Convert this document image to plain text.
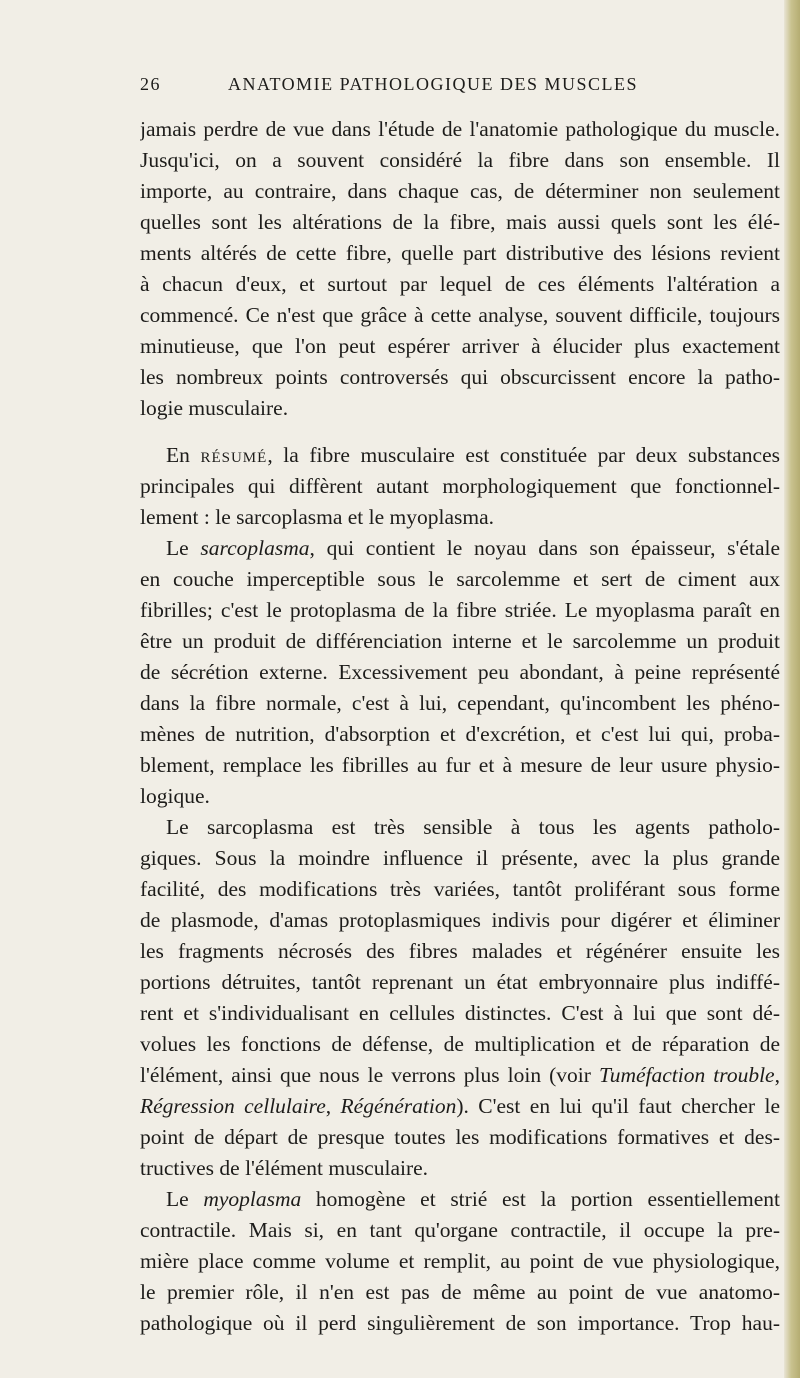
26	ANATOMIE PATHOLOGIQUE DES MUSCLES
jamais perdre de vue dans l'étude de l'anatomie pathologique du muscle.
Jusqu'ici, on a souvent considéré la fibre dans son ensemble. Il
importe, au contraire, dans chaque cas, de déterminer non seulement
quelles sont les altérations de la fibre, mais aussi quels sont les élé-
ments altérés de cette fibre, quelle part distributive des lésions revient
à chacun d'eux, et surtout par lequel de ces éléments l'altération a
commencé. Ce n'est que grâce à cette analyse, souvent difficile, toujours
minutieuse, que l'on peut espérer arriver à élucider plus exactement
les nombreux points controversés qui obscurcissent encore la patho-
logie musculaire.
En résumé, la fibre musculaire est constituée par deux substances
principales qui diffèrent autant morphologiquement que fonctionnel-
lement : le sarcoplasma et le myoplasma.
Le sarcoplasma, qui contient le noyau dans son épaisseur, s'étale
en couche imperceptible sous le sarcolemme et sert de ciment aux
fibrilles; c'est le protoplasma de la fibre striée. Le myoplasma paraît en
être un produit de différenciation interne et le sarcolemme un produit
de sécrétion externe. Excessivement peu abondant, à peine représenté
dans la fibre normale, c'est à lui, cependant, qu'incombent les phéno-
mènes de nutrition, d'absorption et d'excrétion, et c'est lui qui, proba-
blement, remplace les fibrilles au fur et à mesure de leur usure physio-
logique.
Le sarcoplasma est très sensible à tous les agents patholo-
giques. Sous la moindre influence il présente, avec la plus grande
facilité, des modifications très variées, tantôt proliférant sous forme
de plasmode, d'amas protoplasmiques indivis pour digérer et éliminer
les fragments nécrosés des fibres malades et régénérer ensuite les
portions détruites, tantôt reprenant un état embryonnaire plus indiffé-
rent et s'individualisant en cellules distinctes. C'est à lui que sont dé-
volues les fonctions de défense, de multiplication et de réparation de
l'élément, ainsi que nous le verrons plus loin (voir Tuméfaction trouble,
Régression cellulaire, Régénération). C'est en lui qu'il faut chercher le
point de départ de presque toutes les modifications formatives et des-
tructives de l'élément musculaire.
Le myoplasma homogène et strié est la portion essentiellement
contractile. Mais si, en tant qu'organe contractile, il occupe la pre-
mière place comme volume et remplit, au point de vue physiologique,
le premier rôle, il n'en est pas de même au point de vue anatomo-
pathologique où il perd singulièrement de son importance. Trop hau-
